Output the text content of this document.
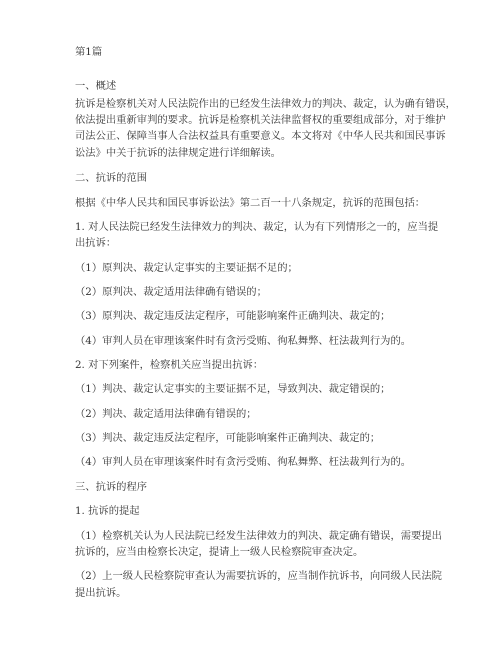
第1篇
一、概述
抗诉是检察机关对人民法院作出的已经发生法律效力的判决、裁定，认为确有错误，
依法提出重新审判的要求。抗诉是检察机关法律监督权的重要组成部分，对于维护
司法公正、保障当事人合法权益具有重要意义。本文将对《中华人民共和国民事诉
讼法》中关于抗诉的法律规定进行详细解读。
二、抗诉的范围
根据《中华人民共和国民事诉讼法》第二百一十八条规定，抗诉的范围包括：
1. 对人民法院已经发生法律效力的判决、裁定，认为有下列情形之一的，应当提
出抗诉：
（1）原判决、裁定认定事实的主要证据不足的；
（2）原判决、裁定适用法律确有错误的；
（3）原判决、裁定违反法定程序，可能影响案件正确判决、裁定的；
（4）审判人员在审理该案件时有贪污受贿、徇私舞弊、枉法裁判行为的。
2. 对下列案件，检察机关应当提出抗诉：
（1）判决、裁定认定事实的主要证据不足，导致判决、裁定错误的；
（2）判决、裁定适用法律确有错误的；
（3）判决、裁定违反法定程序，可能影响案件正确判决、裁定的；
（4）审判人员在审理该案件时有贪污受贿、徇私舞弊、枉法裁判行为的。
三、抗诉的程序
1. 抗诉的提起
（1）检察机关认为人民法院已经发生法律效力的判决、裁定确有错误，需要提出
抗诉的，应当由检察长决定，提请上一级人民检察院审查决定。
（2）上一级人民检察院审查认为需要抗诉的，应当制作抗诉书，向同级人民法院
提出抗诉。
